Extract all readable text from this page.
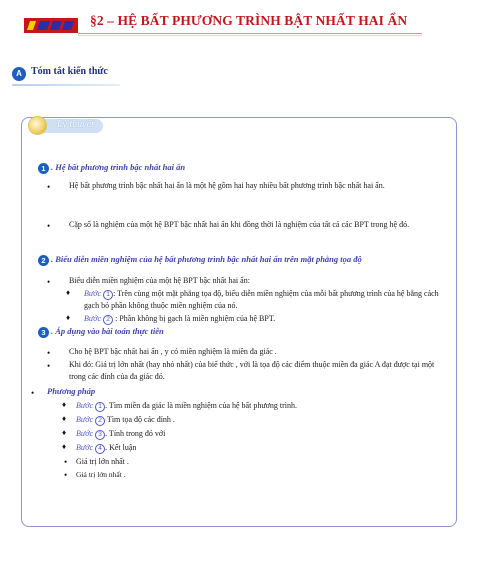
§2 – HỆ BẤT PHƯƠNG TRÌNH BẬT NHẤT HAI ẨN
A Tóm tắt kiến thức
Lý thuyết
1 . Hệ bất phương trình bậc nhất hai ẩn
• Hệ bất phương trình bậc nhất hai ẩn là một hệ gồm hai hay nhiều bất phương trình bậc nhất hai ẩn.
• Cặp số là nghiệm của một hệ BPT bậc nhất hai ẩn khi đồng thời là nghiệm của tất cả các BPT trong hệ đó.
2 . Biểu diễn miền nghiệm của hệ bất phương trình bậc nhất hai ẩn trên mặt phẳng tọa độ
• Biểu diễn miền nghiệm của một hệ BPT bậc nhất hai ẩn:
♦ Bước 1 : Trên cùng một mặt phẳng tọa độ, biểu diễn miền nghiệm của mỗi bất phương trình của hệ bằng cách gạch bỏ phần không thuộc miền nghiệm của nó.
♦ Bước 2 : Phần không bị gạch là miền nghiệm của hệ BPT.
3 . Áp dụng vào bài toán thực tiễn
• Cho hệ BPT bậc nhất hai ẩn , y có miền nghiệm là miền đa giác .
• Khi đó: Giá trị lớn nhất (hay nhỏ nhất) của biể thức , với là tọa độ các điểm thuộc miền đa giác A đạt được tại một trong các đỉnh của đa giác đó.
• Phương pháp
♦ Bước 1 . Tìm miền đa giác là miền nghiệm của hệ bất phương trình.
♦ Bước 2 Tìm tọa độ các đỉnh .
♦ Bước 3 . Tính trong đó với
♦ Bước 4 . Kết luận
• Giá trị lớn nhất .
• Giá trị lớn nhất .
